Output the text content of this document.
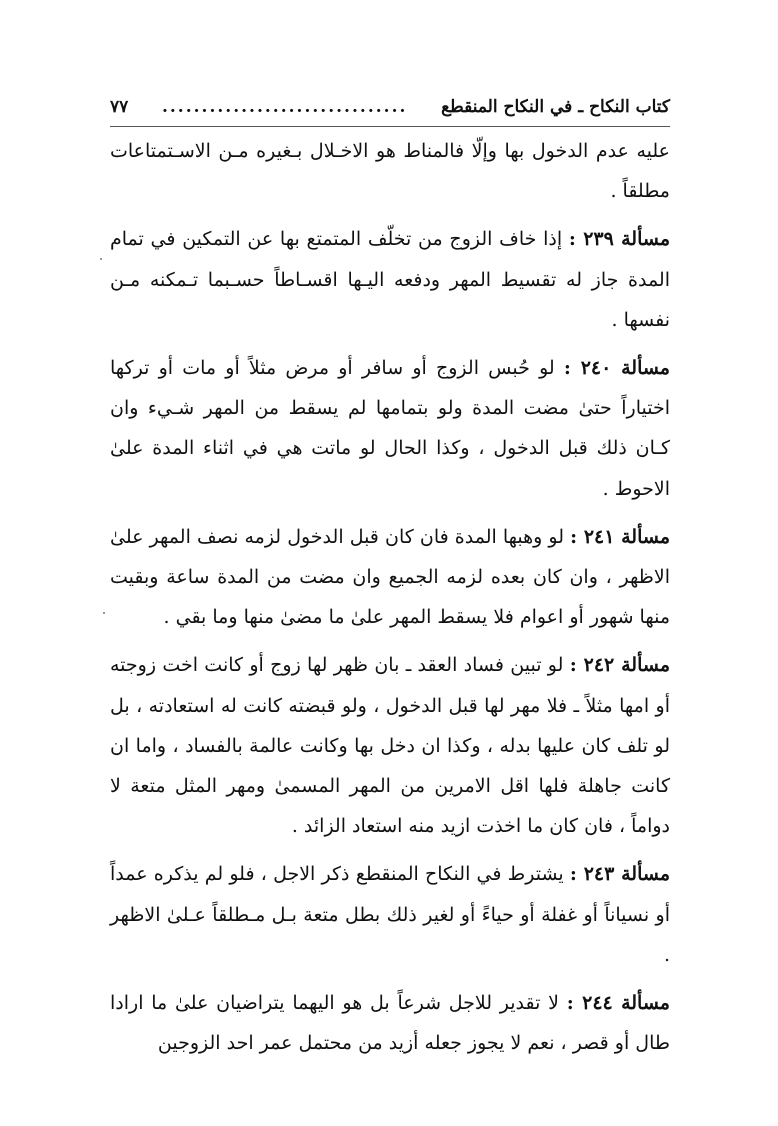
كتاب النكاح ـ في النكاح المنقطع
...............................
٧٧

عليه عدم الدخول بها وإلّا فالمناط هو الاخـلال بـغيره مـن الاسـتمتاعات مطلقاً .

مسألة ٢٣٩ : إذا خاف الزوج من تخلّف المتمتع بها عن التمكين في تمام المدة جاز له تقسيط المهر ودفعه اليـها اقسـاطاً حسـبما تـمكنه مـن نفسها .

مسألة ٢٤٠ : لو حُبس الزوج أو سافر أو مرض مثلاً أو مات أو تركها اختياراً حتىٰ مضت المدة ولو بتمامها لم يسقط من المهر شـيء وان كـان ذلك قبل الدخول ، وكذا الحال لو ماتت هي في اثناء المدة علىٰ الاحوط .

مسألة ٢٤١ : لو وهبها المدة فان كان قبل الدخول لزمه نصف المهر علىٰ الاظهر ، وان كان بعده لزمه الجميع وان مضت من المدة ساعة وبقيت منها شهور أو اعوام فلا يسقط المهر علىٰ ما مضىٰ منها وما بقي .

مسألة ٢٤٢ : لو تبين فساد العقد ـ بان ظهر لها زوج أو كانت اخت زوجته أو امها مثلاً ـ فلا مهر لها قبل الدخول ، ولو قبضته كانت له استعادته ، بل لو تلف كان عليها بدله ، وكذا ان دخل بها وكانت عالمة بالفساد ، واما ان كانت جاهلة فلها اقل الامرين من المهر المسمىٰ ومهر المثل متعة لا دواماً ، فان كان ما اخذت ازيد منه استعاد الزائد .

مسألة ٢٤٣ : يشترط في النكاح المنقطع ذكر الاجل ، فلو لم يذكره عمداً أو نسياناً أو غفلة أو حياءً أو لغير ذلك بطل متعة بـل مـطلقاً عـلىٰ الاظهر .

مسألة ٢٤٤ : لا تقدير للاجل شرعاً بل هو اليهما يتراضيان علىٰ ما ارادا طال أو قصر ، نعم لا يجوز جعله أزيد من محتمل عمر احد الزوجين
